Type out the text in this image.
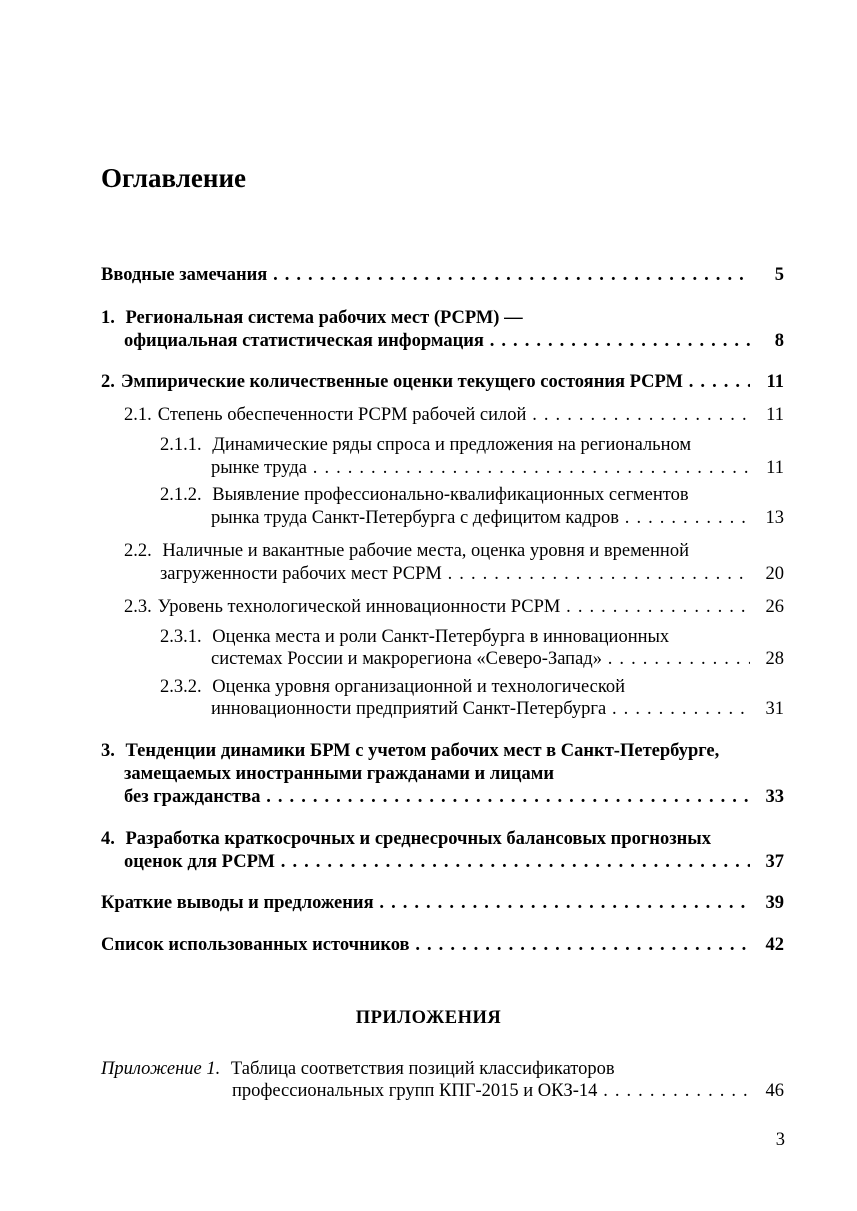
Оглавление
Вводные замечания . . .	5
1. Региональная система рабочих мест (РСРМ) —
официальная статистическая информация . . .	8
2. Эмпирические количественные оценки текущего состояния РСРМ . . .	11
2.1. Степень обеспеченности РСРМ рабочей силой . . .	11
2.1.1. Динамические ряды спроса и предложения на региональном
рынке труда . . .	11
2.1.2. Выявление профессионально-квалификационных сегментов
рынка труда Санкт-Петербурга с дефицитом кадров . . .	13
2.2. Наличные и вакантные рабочие места, оценка уровня и временной
загруженности рабочих мест РСРМ . . .	20
2.3. Уровень технологической инновационности РСРМ . . .	26
2.3.1. Оценка места и роли Санкт-Петербурга в инновационных
системах России и макрорегиона «Северо-Запад» . . .	28
2.3.2. Оценка уровня организационной и технологической
инновационности предприятий Санкт-Петербурга . . .	31
3. Тенденции динамики БРМ с учетом рабочих мест в Санкт-Петербурге,
замещаемых иностранными гражданами и лицами
без гражданства . . .	33
4. Разработка краткосрочных и среднесрочных балансовых прогнозных
оценок для РСРМ . . .	37
Краткие выводы и предложения . . .	39
Список использованных источников . . .	42
ПРИЛОЖЕНИЯ
Приложение 1. Таблица соответствия позиций классификаторов
профессиональных групп КПГ-2015 и ОКЗ-14 . . .	46
3
